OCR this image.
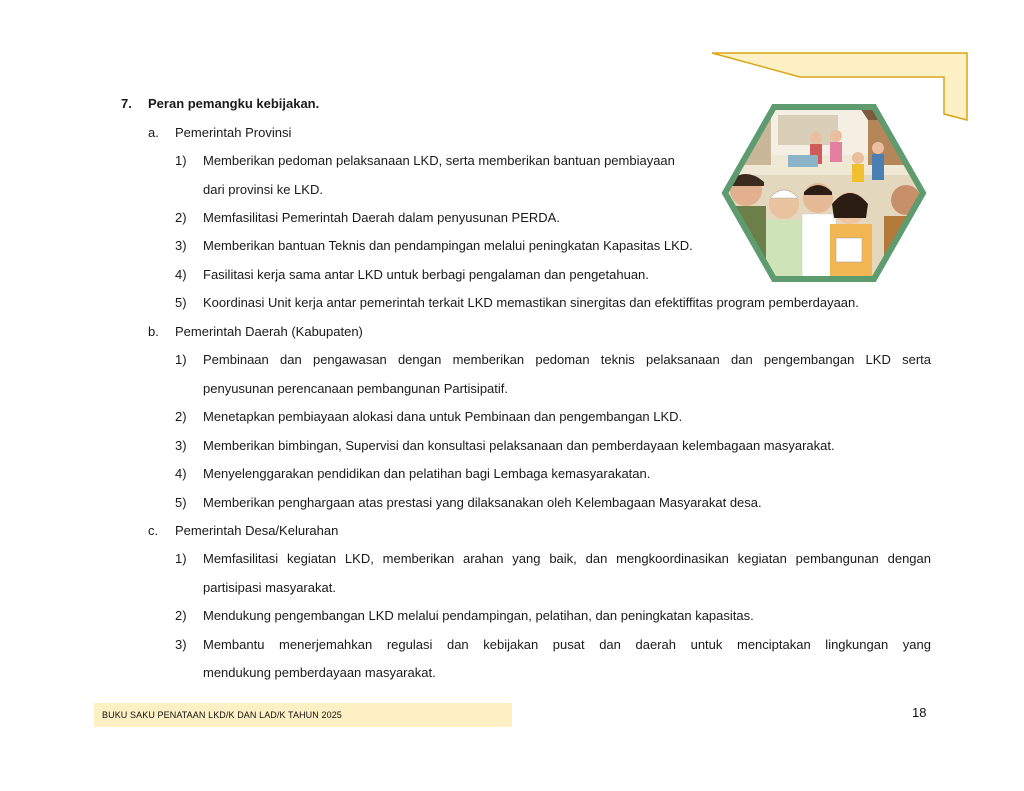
7. Peran pemangku kebijakan.
a. Pemerintah Provinsi
1) Memberikan pedoman pelaksanaan LKD, serta memberikan bantuan pembiayaan
dari provinsi ke LKD.
2) Memfasilitasi Pemerintah Daerah dalam penyusunan PERDA.
3) Memberikan bantuan Teknis dan pendampingan melalui peningkatan Kapasitas LKD.
4) Fasilitasi kerja sama antar LKD untuk berbagi pengalaman dan pengetahuan.
5) Koordinasi Unit kerja antar pemerintah terkait LKD memastikan sinergitas dan efektiffitas program pemberdayaan.
b. Pemerintah Daerah (Kabupaten)
1) Pembinaan dan pengawasan dengan memberikan pedoman teknis pelaksanaan dan pengembangan LKD serta
penyusunan perencanaan pembangunan Partisipatif.
2) Menetapkan pembiayaan alokasi dana untuk Pembinaan dan pengembangan LKD.
3) Memberikan bimbingan, Supervisi dan konsultasi pelaksanaan dan pemberdayaan kelembagaan masyarakat.
4) Menyelenggarakan pendidikan dan pelatihan bagi Lembaga kemasyarakatan.
5) Memberikan penghargaan atas prestasi yang dilaksanakan oleh Kelembagaan Masyarakat desa.
c. Pemerintah Desa/Kelurahan
1) Memfasilitasi kegiatan LKD, memberikan arahan yang baik, dan mengkoordinasikan kegiatan pembangunan dengan
partisipasi masyarakat.
2) Mendukung pengembangan LKD melalui pendampingan, pelatihan, dan peningkatan kapasitas.
3) Membantu menerjemahkan regulasi dan kebijakan pusat dan daerah untuk menciptakan lingkungan yang
mendukung pemberdayaan masyarakat.
BUKU SAKU PENATAAN LKD/K DAN LAD/K TAHUN 2025	18
